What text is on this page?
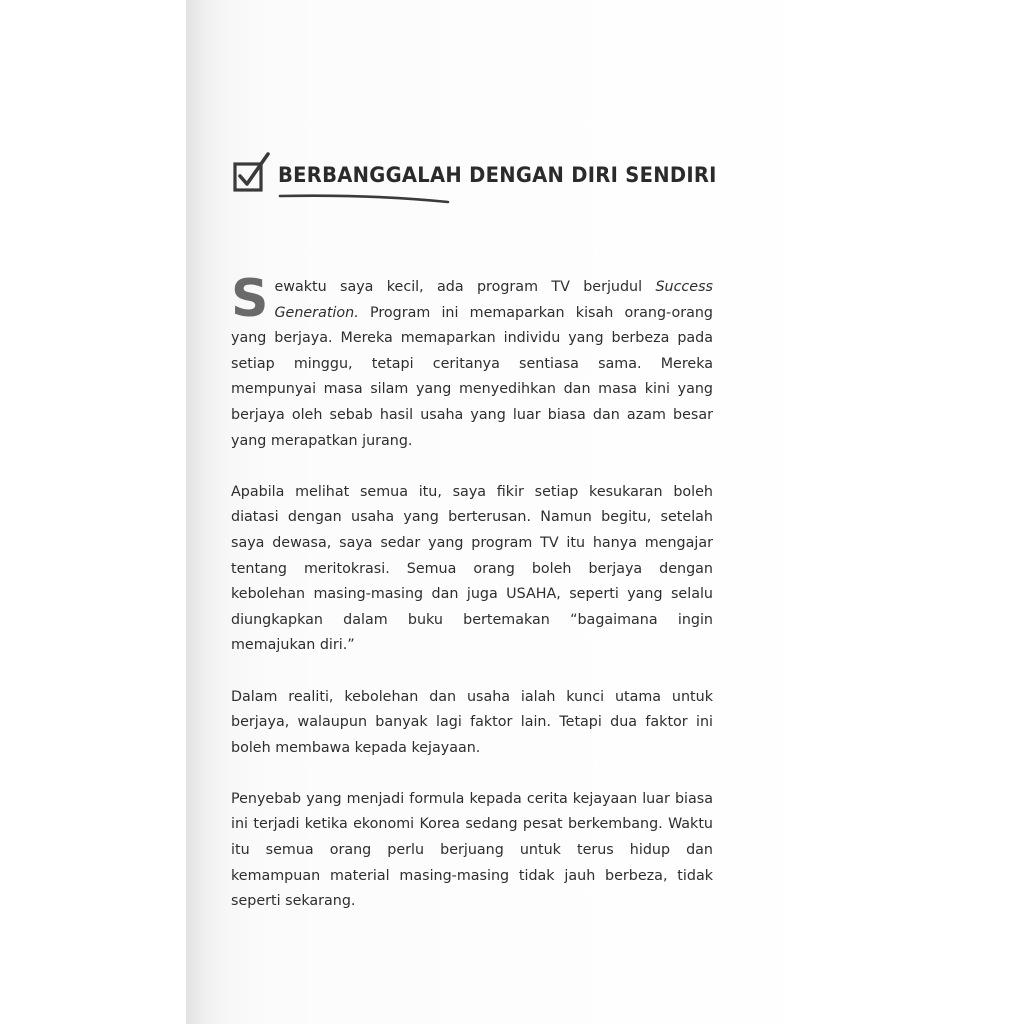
BERBANGGALAH DENGAN DIRI SENDIRI

Sewaktu saya kecil, ada program TV berjudul Success Generation. Program ini memaparkan kisah orang-orang yang berjaya. Mereka memaparkan individu yang berbeza pada setiap minggu, tetapi ceritanya sentiasa sama. Mereka mempunyai masa silam yang menyedihkan dan masa kini yang berjaya oleh sebab hasil usaha yang luar biasa dan azam besar yang merapatkan jurang.

Apabila melihat semua itu, saya fikir setiap kesukaran boleh diatasi dengan usaha yang berterusan. Namun begitu, setelah saya dewasa, saya sedar yang program TV itu hanya mengajar tentang meritokrasi. Semua orang boleh berjaya dengan kebolehan masing-masing dan juga USAHA, seperti yang selalu diungkapkan dalam buku bertemakan “bagaimana ingin memajukan diri.”

Dalam realiti, kebolehan dan usaha ialah kunci utama untuk berjaya, walaupun banyak lagi faktor lain. Tetapi dua faktor ini boleh membawa kepada kejayaan.

Penyebab yang menjadi formula kepada cerita kejayaan luar biasa ini terjadi ketika ekonomi Korea sedang pesat berkembang. Waktu itu semua orang perlu berjuang untuk terus hidup dan kemampuan material masing-masing tidak jauh berbeza, tidak seperti sekarang.
